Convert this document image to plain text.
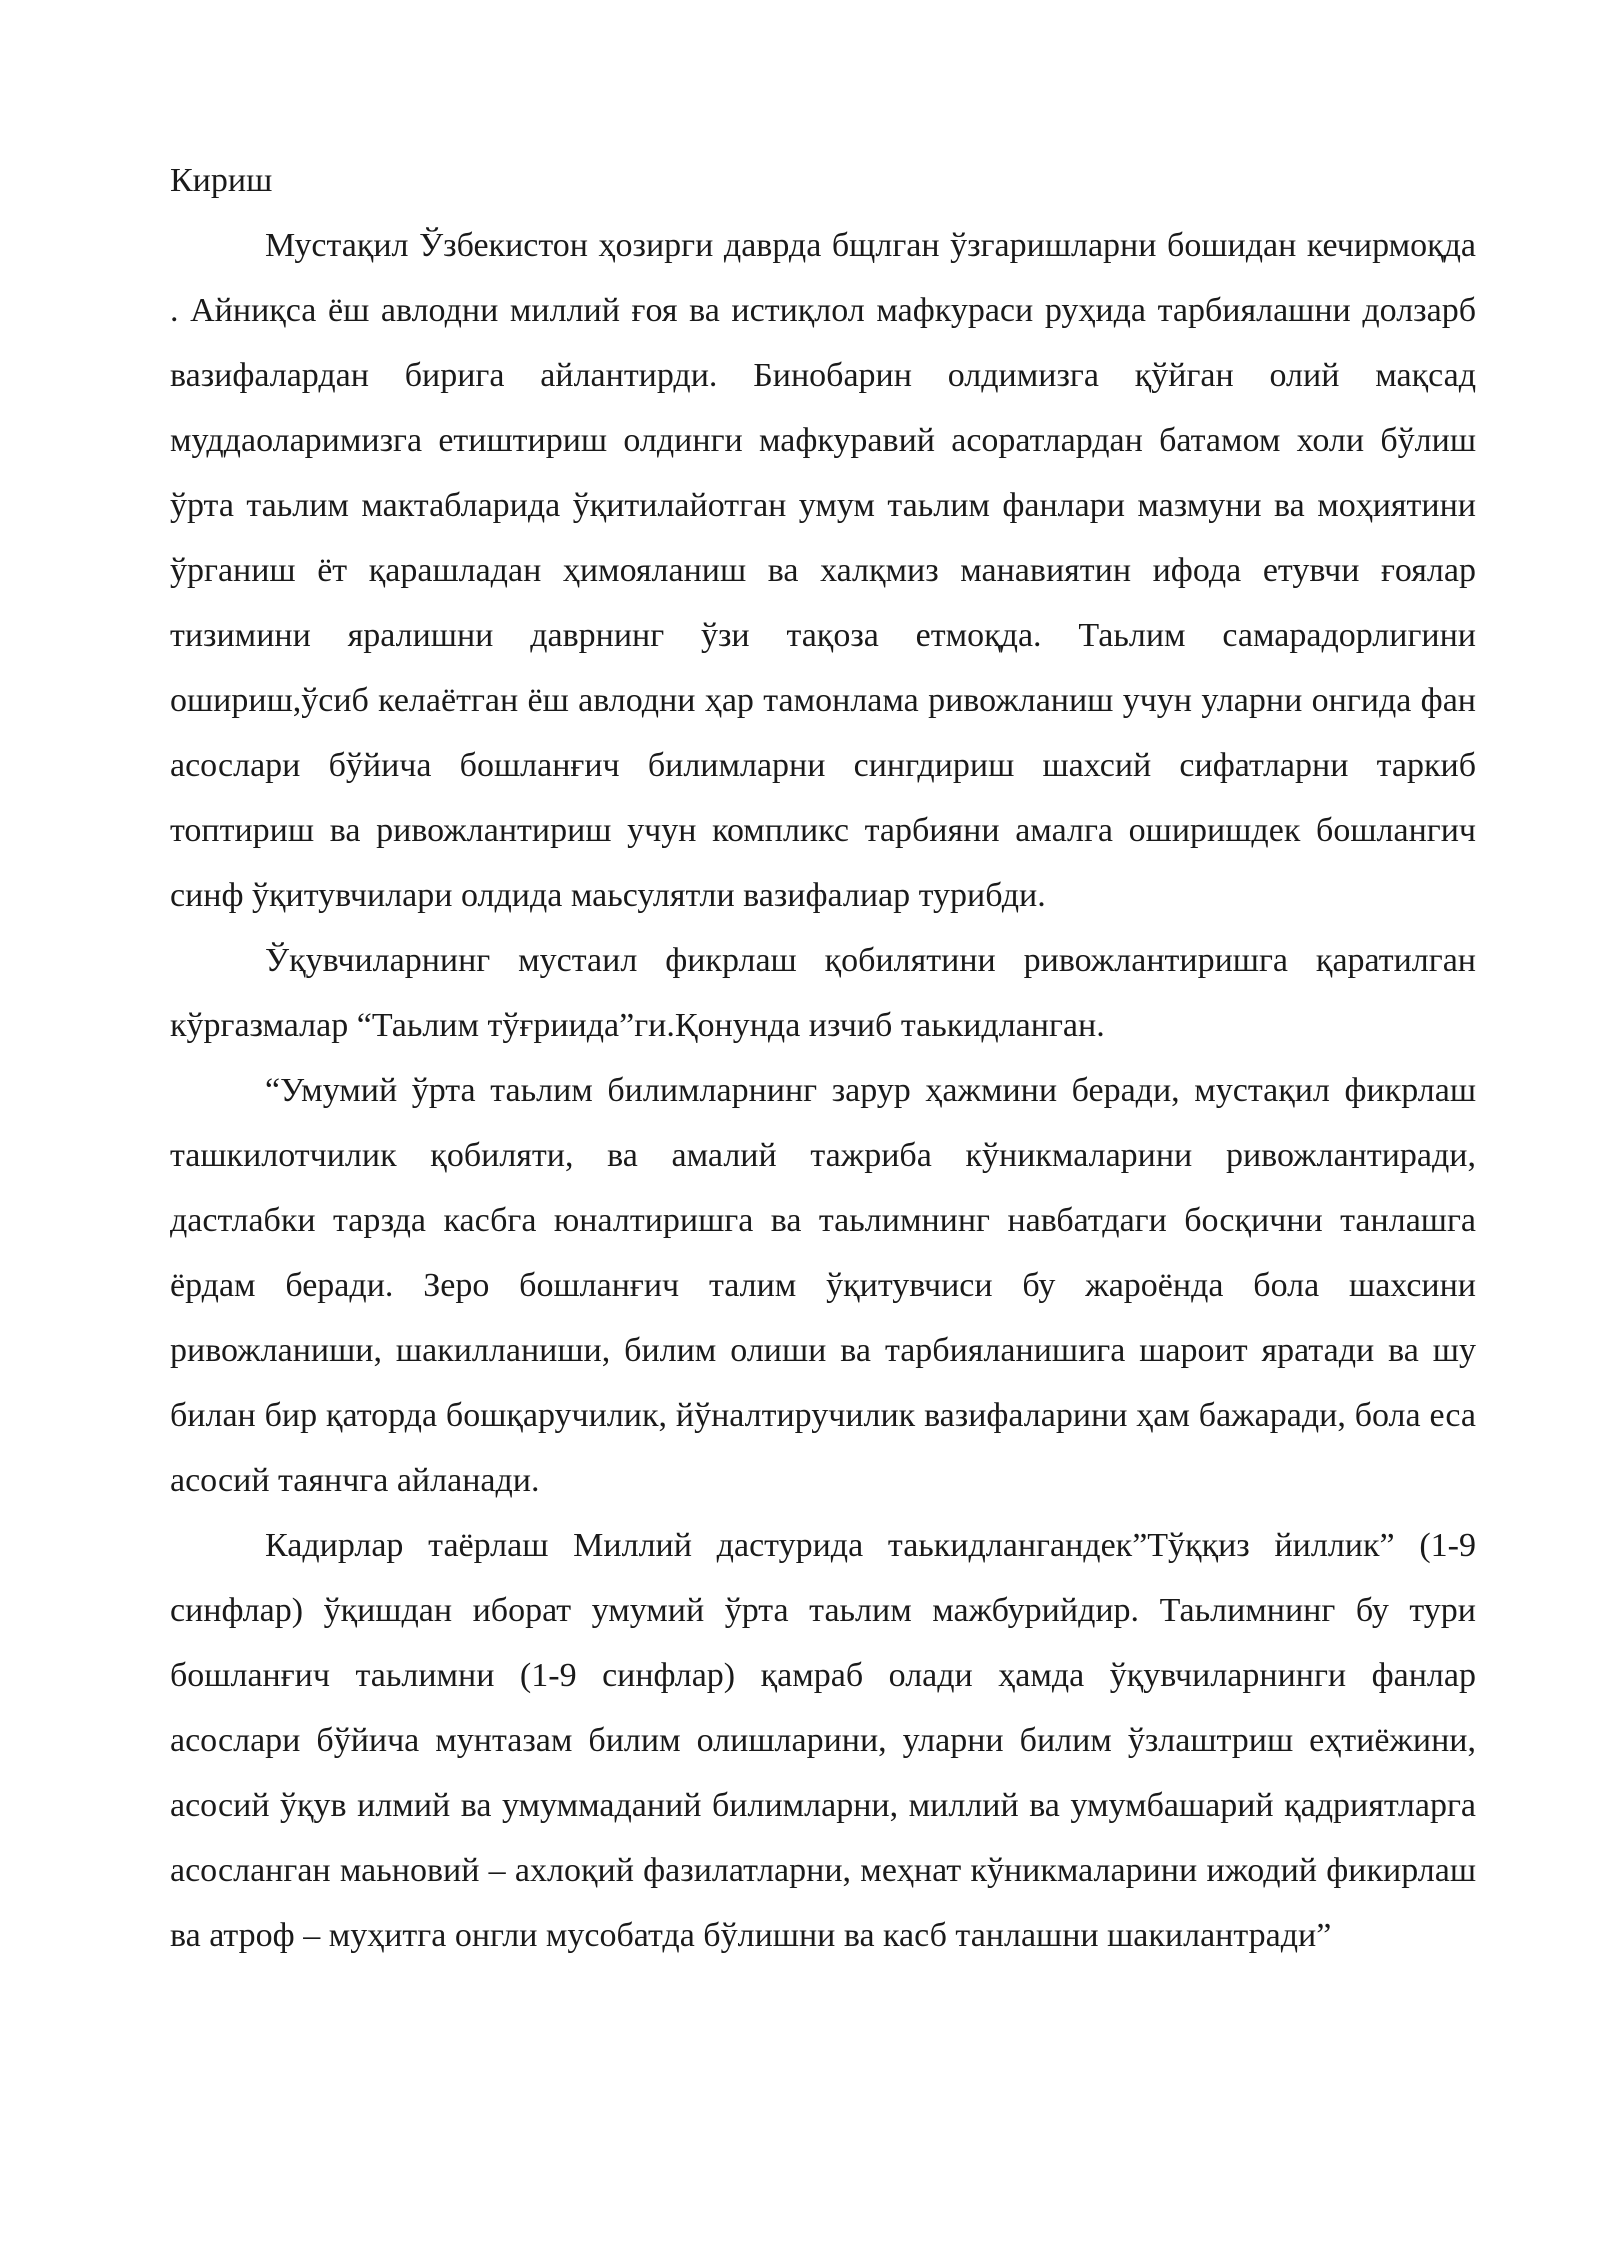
Кириш

Мустақил Ўзбекистон ҳозирги даврда бщлган ўзгаришларни бошидан кечирмоқда . Айниқса ёш авлодни миллий ғоя ва истиқлол мафкураси руҳида тарбиялашни долзарб вазифалардан бирига айлантирди. Бинобарин олдимизга қўйган олий мақсад муддаоларимизга етиштириш олдинги мафкуравий асоратлардан батамом холи бўлиш ўрта таьлим мактабларида ўқитилайотган умум таьлим фанлари мазмуни ва моҳиятини ўрганиш ёт қарашладан ҳимояланиш ва халқмиз манавиятин ифода етувчи ғоялар тизимини яралишни даврнинг ўзи тақоза етмоқда. Таьлим самарадорлигини ошириш,ўсиб келаётган ёш авлодни ҳар тамонлама ривожланиш учун уларни онгида фан асослари бўйича бошланғич билимларни сингдириш шахсий сифатларни таркиб топтириш ва ривожлантириш учун компликс тарбияни амалга оширишдек бошлангич синф ўқитувчилари олдида маьсулятли вазифалиар турибди.

Ўқувчиларнинг мустаил фикрлаш қобилятини ривожлантиришга қаратилган кўргазмалар “Таьлим тўғриида”ги.Қонунда изчиб таькидланган.

“Умумий ўрта таьлим билимларнинг зарур ҳажмини беради, мустақил фикрлаш ташкилотчилик қобиляти, ва амалий тажриба кўникмаларини ривожлантиради, дастлабки тарзда касбга юналтиришга ва таьлимнинг навбатдаги босқични танлашга ёрдам беради. Зеро бошланғич талим ўқитувчиси бу жароёнда бола шахсини ривожланиши, шакилланиши, билим олиши ва тарбияланишига шароит яратади ва шу билан бир қаторда бошқаручилик, йўналтиручилик вазифаларини ҳам бажаради, бола еса асосий таянчга айланади.

Кадирлар таёрлаш Миллий дастурида таькидлангандек”Тўққиз йиллик” (1-9 синфлар) ўқишдан иборат умумий ўрта таьлим мажбурийдир. Таьлимнинг бу тури бошланғич таьлимни (1-9 синфлар) қамраб олади ҳамда ўқувчиларнинги фанлар асослари бўйича мунтазам билим олишларини, уларни билим ўзлаштриш еҳтиёжини, асосий ўқув илмий ва умуммаданий билимларни, миллий ва умумбашарий қадриятларга асосланган маьновий – ахлоқий фазилатларни, меҳнат кўникмаларини ижодий фикирлаш ва атроф – муҳитга онгли мусобатда бўлишни ва касб танлашни шакилантради”
